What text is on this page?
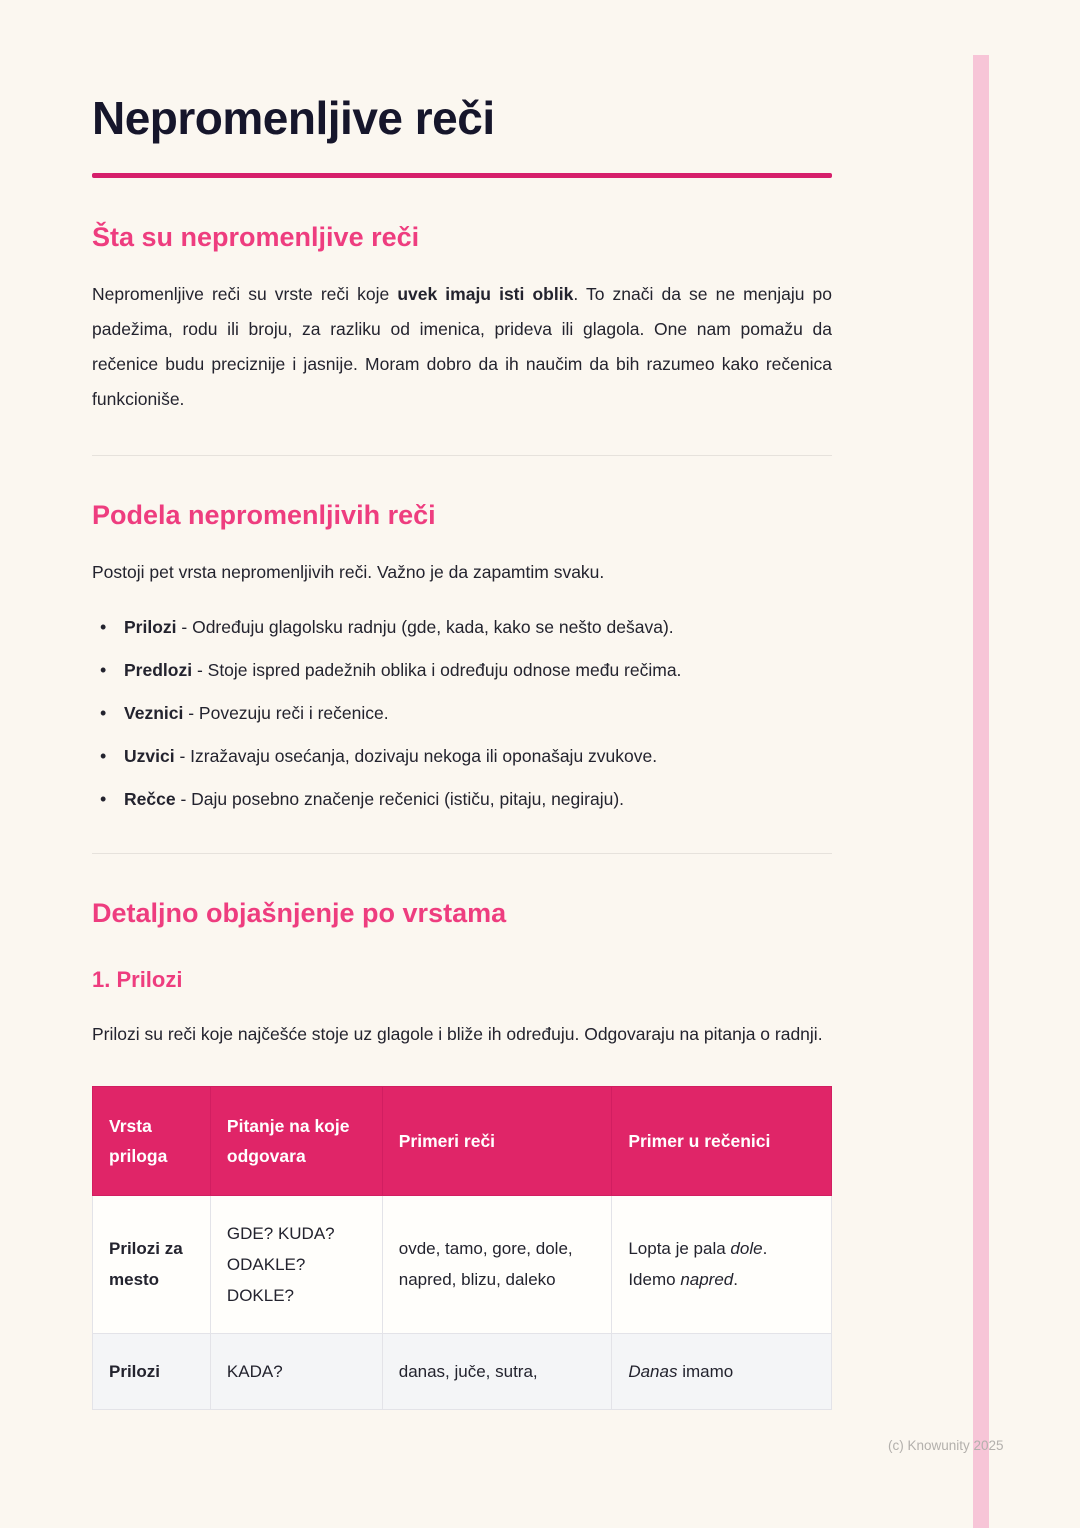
Nepromenljive reči
Šta su nepromenljive reči

Nepromenljive reči su vrste reči koje uvek imaju isti oblik. To znači da se ne menjaju po padežima, rodu ili broju, za razliku od imenica, prideva ili glagola. One nam pomažu da rečenice budu preciznije i jasnije. Moram dobro da ih naučim da bih razumeo kako rečenica funkcioniše.

Podela nepromenljivih reči

Postoji pet vrsta nepromenljivih reči. Važno je da zapamtim svaku.

• Prilozi - Određuju glagolsku radnju (gde, kada, kako se nešto dešava).
• Predlozi - Stoje ispred padežnih oblika i određuju odnose među rečima.
• Veznici - Povezuju reči i rečenice.
• Uzvici - Izražavaju osećanja, dozivaju nekoga ili oponašaju zvukove.
• Rečce - Daju posebno značenje rečenici (ističu, pitaju, negiraju).
Detaljno objašnjenje po vrstama
1. Prilozi

Prilozi su reči koje najčešće stoje uz glagole i bliže ih određuju. Odgovaraju na pitanja o radnji.

Vrsta priloga	Pitanje na koje odgovara	Primeri reči	Primer u rečenici
Prilozi za mesto	GDE? KUDA? ODAKLE? DOKLE?	ovde, tamo, gore, dole, napred, blizu, daleko	Lopta je pala dole. Idemo napred.
Prilozi	KADA?	danas, juče, sutra,	Danas imamo
(c) Knowunity 2025
